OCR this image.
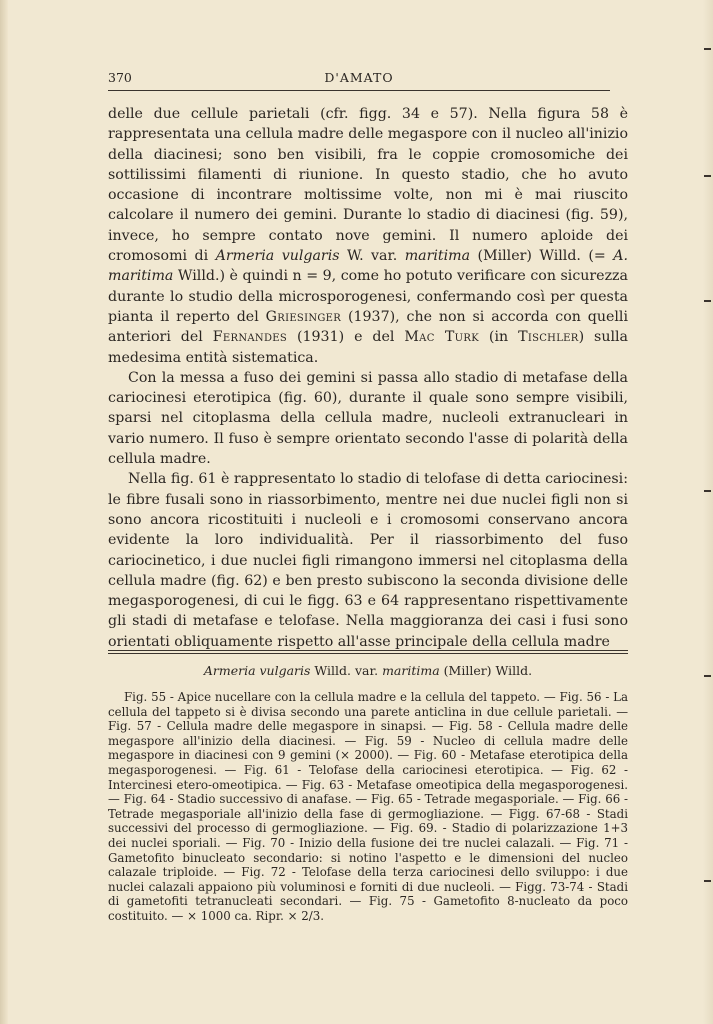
370	D'AMATO

delle due cellule parietali (cfr. figg. 34 e 57). Nella figura 58 è rappresentata una cellula madre delle megaspore con il nucleo all'inizio della diacinesi; sono ben visibili, fra le coppie cromosomiche dei sottilissimi filamenti di riunione. In questo stadio, che ho avuto occasione di incontrare moltissime volte, non mi è mai riuscito calcolare il numero dei gemini. Durante lo stadio di diacinesi (fig. 59), invece, ho sempre contato nove gemini. Il numero aploide dei cromosomi di Armeria vulgaris W. var. maritima (Miller) Willd. (= A. maritima Willd.) è quindi n = 9, come ho potuto verificare con sicurezza durante lo studio della microsporogenesi, confermando così per questa pianta il reperto del Griesinger (1937), che non si accorda con quelli anteriori del Fernandes (1931) e del Mac Turk (in Tischler) sulla medesima entità sistematica.

Con la messa a fuso dei gemini si passa allo stadio di metafase della cariocinesi eterotipica (fig. 60), durante il quale sono sempre visibili, sparsi nel citoplasma della cellula madre, nucleoli extranucleari in vario numero. Il fuso è sempre orientato secondo l'asse di polarità della cellula madre.

Nella fig. 61 è rappresentato lo stadio di telofase di detta cariocinesi: le fibre fusali sono in riassorbimento, mentre nei due nuclei figli non si sono ancora ricostituiti i nucleoli e i cromosomi conservano ancora evidente la loro individualità. Per il riassorbimento del fuso cariocinetico, i due nuclei figli rimangono immersi nel citoplasma della cellula madre (fig. 62) e ben presto subiscono la seconda divisione delle megasporogenesi, di cui le figg. 63 e 64 rappresentano rispettivamente gli stadi di metafase e telofase. Nella maggioranza dei casi i fusi sono orientati obliquamente rispetto all'asse principale della cellula madre

Armeria vulgaris Willd. var. maritima (Miller) Willd.

Fig. 55 - Apice nucellare con la cellula madre e la cellula del tappeto. — Fig. 56 - La cellula del tappeto si è divisa secondo una parete anticlina in due cellule parietali. — Fig. 57 - Cellula madre delle megaspore in sinapsi. — Fig. 58 - Cellula madre delle megaspore all'inizio della diacinesi. — Fig. 59 - Nucleo di cellula madre delle megaspore in diacinesi con 9 gemini (× 2000). — Fig. 60 - Metafase eterotipica della megasporogenesi. — Fig. 61 - Telofase della cariocinesi eterotipica. — Fig. 62 - Intercinesi etero-omeotipica. — Fig. 63 - Metafase omeotipica della megasporogenesi. — Fig. 64 - Stadio successivo di anafase. — Fig. 65 - Tetrade megasporiale. — Fig. 66 - Tetrade megasporiale all'inizio della fase di germogliazione. — Figg. 67-68 - Stadi successivi del processo di germogliazione. — Fig. 69. - Stadio di polarizzazione 1+3 dei nuclei sporiali. — Fig. 70 - Inizio della fusione dei tre nuclei calazali. — Fig. 71 - Gametofito binucleato secondario: si notino l'aspetto e le dimensioni del nucleo calazale triploide. — Fig. 72 - Telofase della terza cariocinesi dello sviluppo: i due nuclei calazali appaiono più voluminosi e forniti di due nucleoli. — Figg. 73-74 - Stadi di gametofiti tetranucleati secondari. — Fig. 75 - Gametofito 8-nucleato da poco costituito. — × 1000 ca. Ripr. × 2/3.
